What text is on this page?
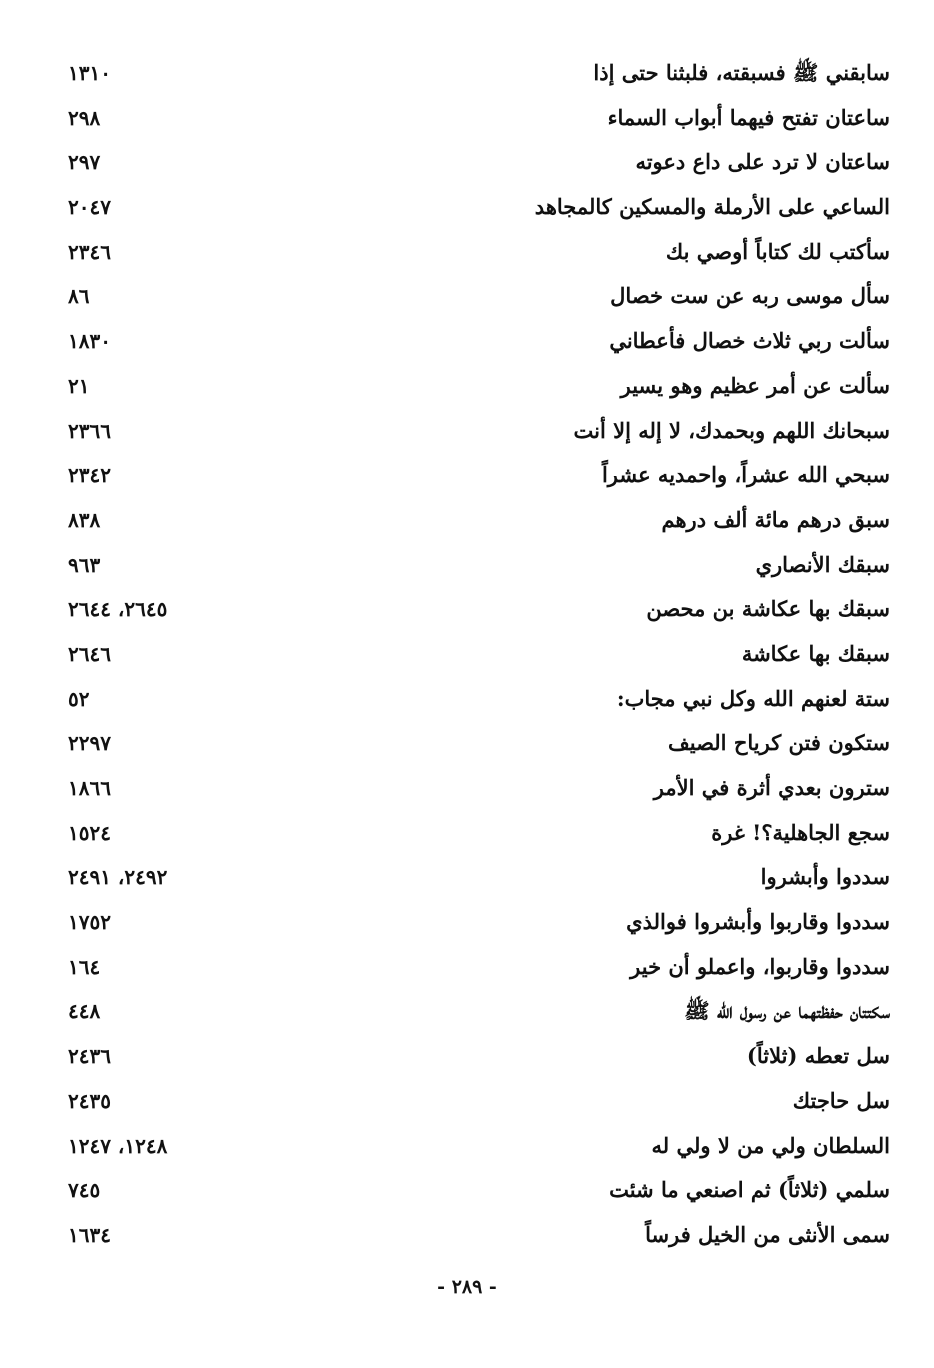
سابقني ﷺ فسبقته، فلبثنا حتى إذا
١٣١٠
ساعتان تفتح فيهما أبواب السماء
٢٩٨
ساعتان لا ترد على داع دعوته
٢٩٧
الساعي على الأرملة والمسكين كالمجاهد
٢٠٤٧
سأكتب لك كتاباً أوصي بك
٢٣٤٦
سأل موسى ربه عن ست خصال
٨٦
سألت ربي ثلاث خصال فأعطاني
١٨٣٠
سألت عن أمر عظيم وهو يسير
٢١
سبحانك اللهم وبحمدك، لا إله إلا أنت
٢٣٦٦
سبحي الله عشراً، واحمديه عشراً
٢٣٤٢
سبق درهم مائة ألف درهم
٨٣٨
سبقك الأنصاري
٩٦٣
سبقك بها عكاشة بن محصن
٢٦٤٥، ٢٦٤٤
سبقك بها عكاشة
٢٦٤٦
ستة لعنهم الله وكل نبي مجاب:
٥٢
ستكون فتن كرياح الصيف
٢٢٩٧
سترون بعدي أثرة في الأمر
١٨٦٦
سجع الجاهلية؟! غرة
١٥٢٤
سددوا وأبشروا
٢٤٩٢، ٢٤٩١
سددوا وقاربوا وأبشروا فوالذي
١٧٥٢
سددوا وقاربوا، واعملو أن خير
١٦٤
سكتتان حفظتهما عن رسول الله ﷺ
٤٤٨
سل تعطه (ثلاثاً)
٢٤٣٦
سل حاجتك
٢٤٣٥
السلطان ولي من لا ولي له
١٢٤٨، ١٢٤٧
سلمي (ثلاثاً) ثم اصنعي ما شئت
٧٤٥
سمى الأنثى من الخيل فرساً
١٦٣٤
- ٢٨٩ -
